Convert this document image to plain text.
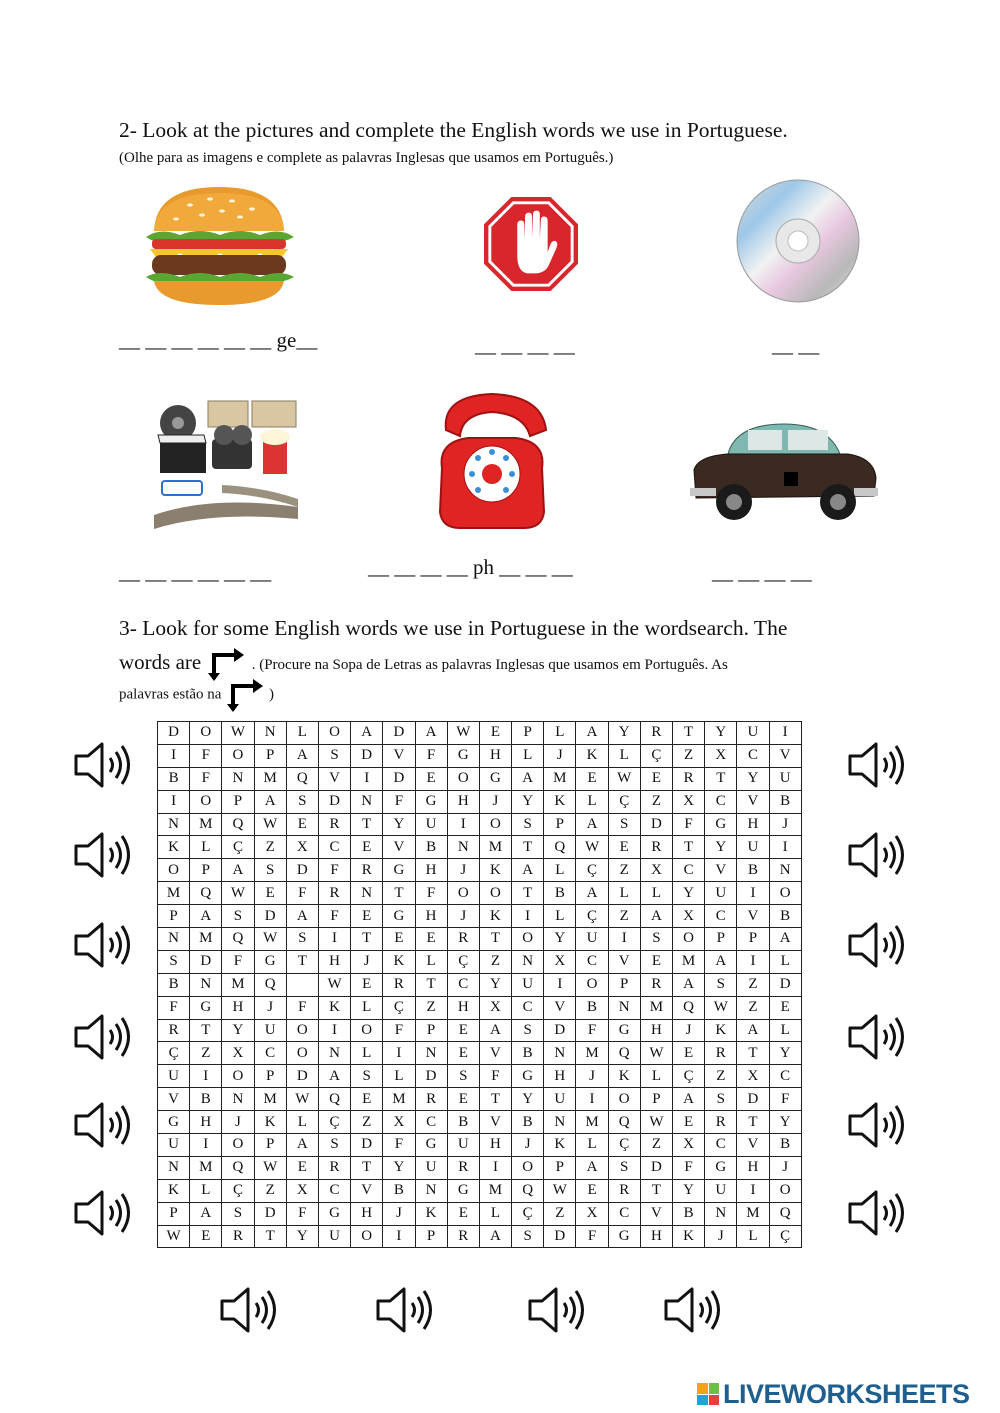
2- Look at the pictures and complete the English words we use in Portuguese.
(Olhe para as imagens e complete as palavras Inglesas que usamos em Português.)
__ __ __ __ __ __ ge__	__ __ __ __	__ __
__ __ __ __ __ __	__ __ __ __ ph __ __ __	__ __ __ __
3- Look for some English words we use in Portuguese in the wordsearch. The
words are	. (Procure na Sopa de Letras as palavras Inglesas que usamos em Português. As
palavras estão na	)
D	O	W	N	L	O	A	D	A	W	E	P	L	A	Y	R	T	Y	U	I
I	F	O	P	A	S	D	V	F	G	H	L	J	K	L	Ç	Z	X	C	V
B	F	N	M	Q	V	I	D	E	O	G	A	M	E	W	E	R	T	Y	U
I	O	P	A	S	D	N	F	G	H	J	Y	K	L	Ç	Z	X	C	V	B
N	M	Q	W	E	R	T	Y	U	I	O	S	P	A	S	D	F	G	H	J
K	L	Ç	Z	X	C	E	V	B	N	M	T	Q	W	E	R	T	Y	U	I
O	P	A	S	D	F	R	G	H	J	K	A	L	Ç	Z	X	C	V	B	N
M	Q	W	E	F	R	N	T	F	O	O	T	B	A	L	L	Y	U	I	O
P	A	S	D	A	F	E	G	H	J	K	I	L	Ç	Z	A	X	C	V	B
N	M	Q	W	S	I	T	E	E	R	T	O	Y	U	I	S	O	P	P	A
S	D	F	G	T	H	J	K	L	Ç	Z	N	X	C	V	E	M	A	I	L
B	N	M	Q		W	E	R	T	C	Y	U	I	O	P	R	A	S	Z	D
F	G	H	J	F	K	L	Ç	Z	H	X	C	V	B	N	M	Q	W	Z	E
R	T	Y	U	O	I	O	F	P	E	A	S	D	F	G	H	J	K	A	L
Ç	Z	X	C	O	N	L	I	N	E	V	B	N	M	Q	W	E	R	T	Y
U	I	O	P	D	A	S	L	D	S	F	G	H	J	K	L	Ç	Z	X	C
V	B	N	M	W	Q	E	M	R	E	T	Y	U	I	O	P	A	S	D	F
G	H	J	K	L	Ç	Z	X	C	B	V	B	N	M	Q	W	E	R	T	Y
U	I	O	P	A	S	D	F	G	U	H	J	K	L	Ç	Z	X	C	V	B
N	M	Q	W	E	R	T	Y	U	R	I	O	P	A	S	D	F	G	H	J
K	L	Ç	Z	X	C	V	B	N	G	M	Q	W	E	R	T	Y	U	I	O
P	A	S	D	F	G	H	J	K	E	L	Ç	Z	X	C	V	B	N	M	Q
W	E	R	T	Y	U	O	I	P	R	A	S	D	F	G	H	K	J	L	Ç
LIVEWORKSHEETS
